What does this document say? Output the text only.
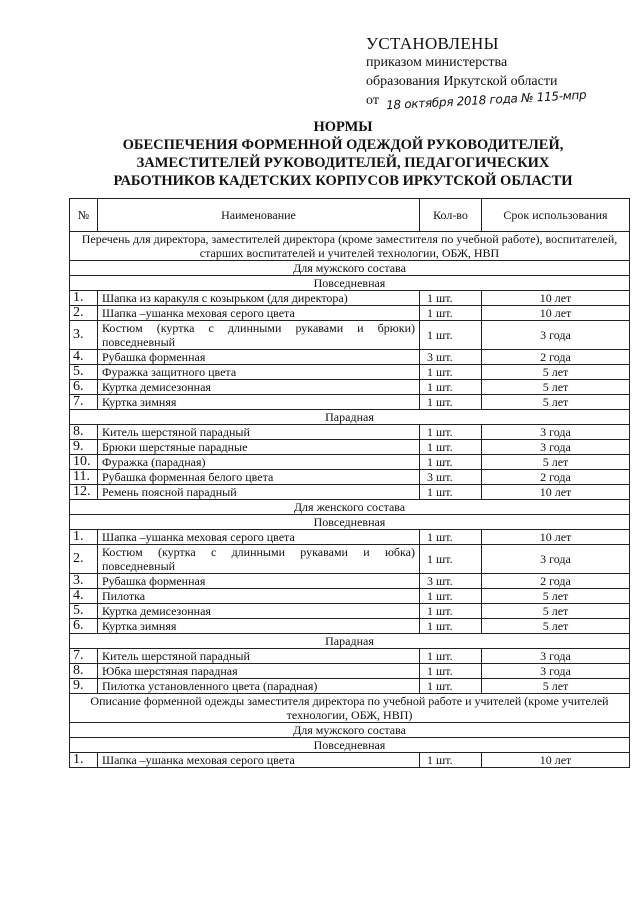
УСТАНОВЛЕНЫ
приказом министерства
образования Иркутской области
от 18 октября 2018 года № 115-мпр
НОРМЫ
ОБЕСПЕЧЕНИЯ ФОРМЕННОЙ ОДЕЖДОЙ РУКОВОДИТЕЛЕЙ,
ЗАМЕСТИТЕЛЕЙ РУКОВОДИТЕЛЕЙ, ПЕДАГОГИЧЕСКИХ
РАБОТНИКОВ КАДЕТСКИХ КОРПУСОВ ИРКУТСКОЙ ОБЛАСТИ
№	Наименование	Кол-во	Срок использования
Перечень для директора, заместителей директора (кроме заместителя по учебной работе), воспитателей, старших воспитателей и учителей технологии, ОБЖ, НВП			
Для мужского состава			
Повседневная			
1.	Шапка из каракуля с козырьком (для директора)	1 шт.	10 лет
2.	Шапка –ушанка меховая серого цвета	1 шт.	10 лет
3.	Костюм (куртка с длинными рукавами и брюки) повседневный	1 шт.	3 года
4.	Рубашка форменная	3 шт.	2 года
5.	Фуражка защитного цвета	1 шт.	5 лет
6.	Куртка демисезонная	1 шт.	5 лет
7.	Куртка зимняя	1 шт.	5 лет
Парадная			
8.	Китель шерстяной парадный	1 шт.	3 года
9.	Брюки шерстяные парадные	1 шт.	3 года
10.	Фуражка (парадная)	1 шт.	5 лет
11.	Рубашка форменная белого цвета	3 шт.	2 года
12.	Ремень поясной парадный	1 шт.	10 лет
Для женского состава			
Повседневная			
1.	Шапка –ушанка меховая серого цвета	1 шт.	10 лет
2.	Костюм (куртка с длинными рукавами и юбка) повседневный	1 шт.	3 года
3.	Рубашка форменная	3 шт.	2 года
4.	Пилотка	1 шт.	5 лет
5.	Куртка демисезонная	1 шт.	5 лет
6.	Куртка зимняя	1 шт.	5 лет
Парадная			
7.	Китель шерстяной парадный	1 шт.	3 года
8.	Юбка шерстяная парадная	1 шт.	3 года
9.	Пилотка установленного цвета (парадная)	1 шт.	5 лет
Описание форменной одежды заместителя директора по учебной работе и учителей (кроме учителей технологии, ОБЖ, НВП)			
Для мужского состава			
Повседневная			
1.	Шапка –ушанка меховая серого цвета	1 шт.	10 лет
